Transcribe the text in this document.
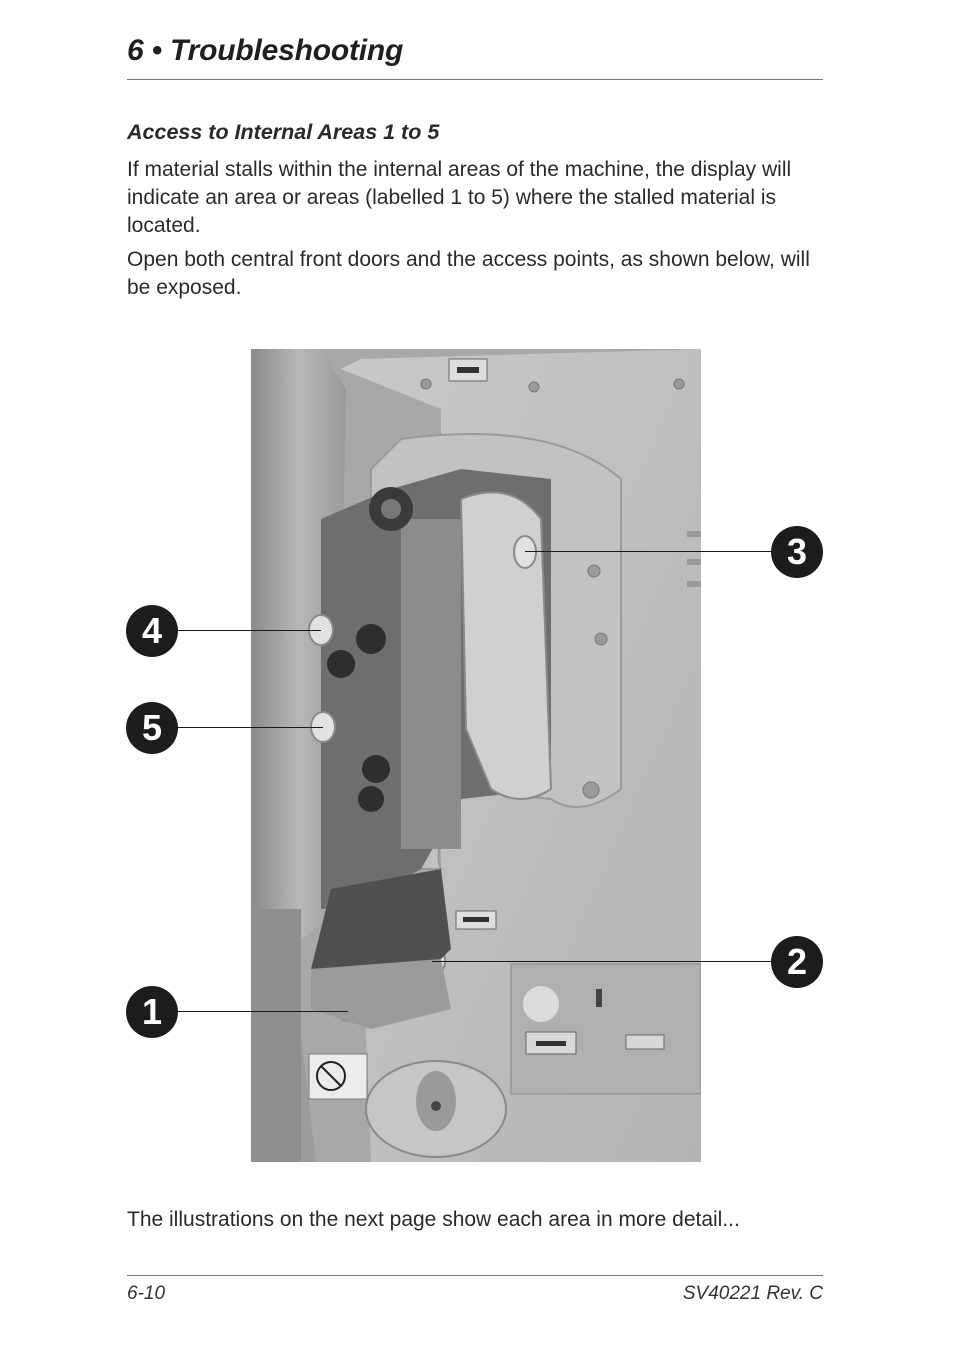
6 • Troubleshooting
Access to Internal Areas 1 to 5

If material stalls within the internal areas of the machine, the display will indicate an area or areas (labelled 1 to 5) where the stalled material is located.

Open both central front doors and the access points, as shown below, will be exposed.

3
4
5
2
1

The illustrations on the next page show each area in more detail...

6-10	SV40221 Rev. C
